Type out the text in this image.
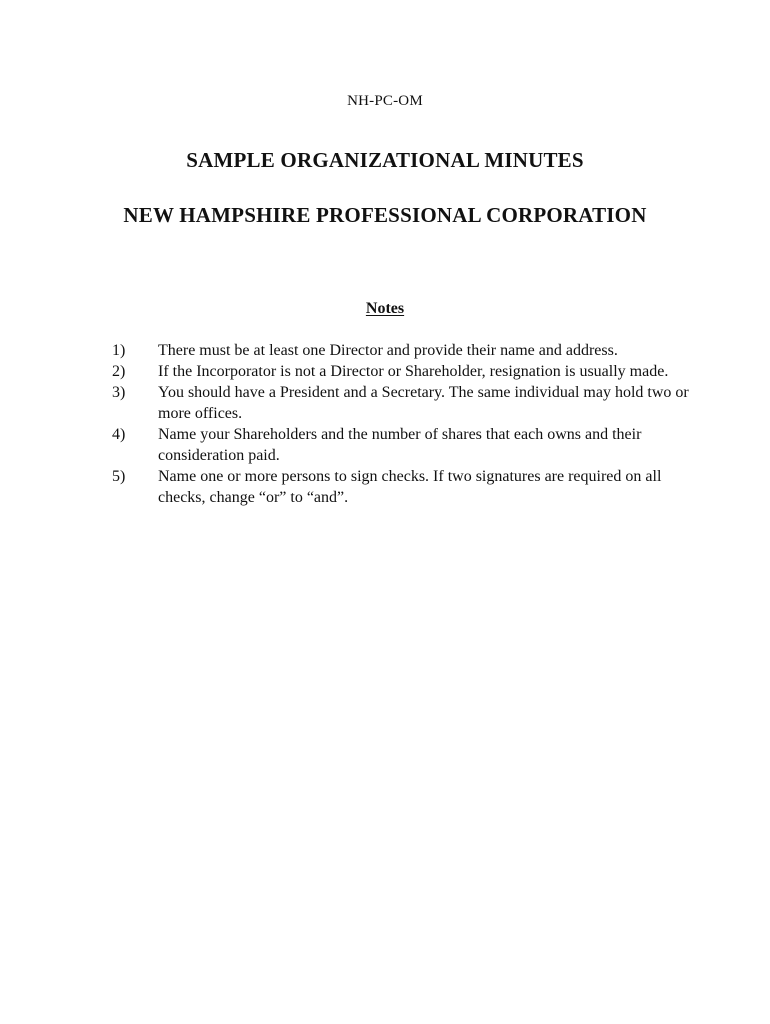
NH-PC-OM
SAMPLE ORGANIZATIONAL MINUTES
NEW HAMPSHIRE PROFESSIONAL CORPORATION
Notes
1)	There must be at least one Director and provide their name and address.
2)	If the Incorporator is not a Director or Shareholder, resignation is usually made.
3)	You should have a President and a Secretary. The same individual may hold two or more offices.
4)	Name your Shareholders and the number of shares that each owns and their consideration paid.
5)	Name one or more persons to sign checks. If two signatures are required on all checks, change “or” to “and”.
